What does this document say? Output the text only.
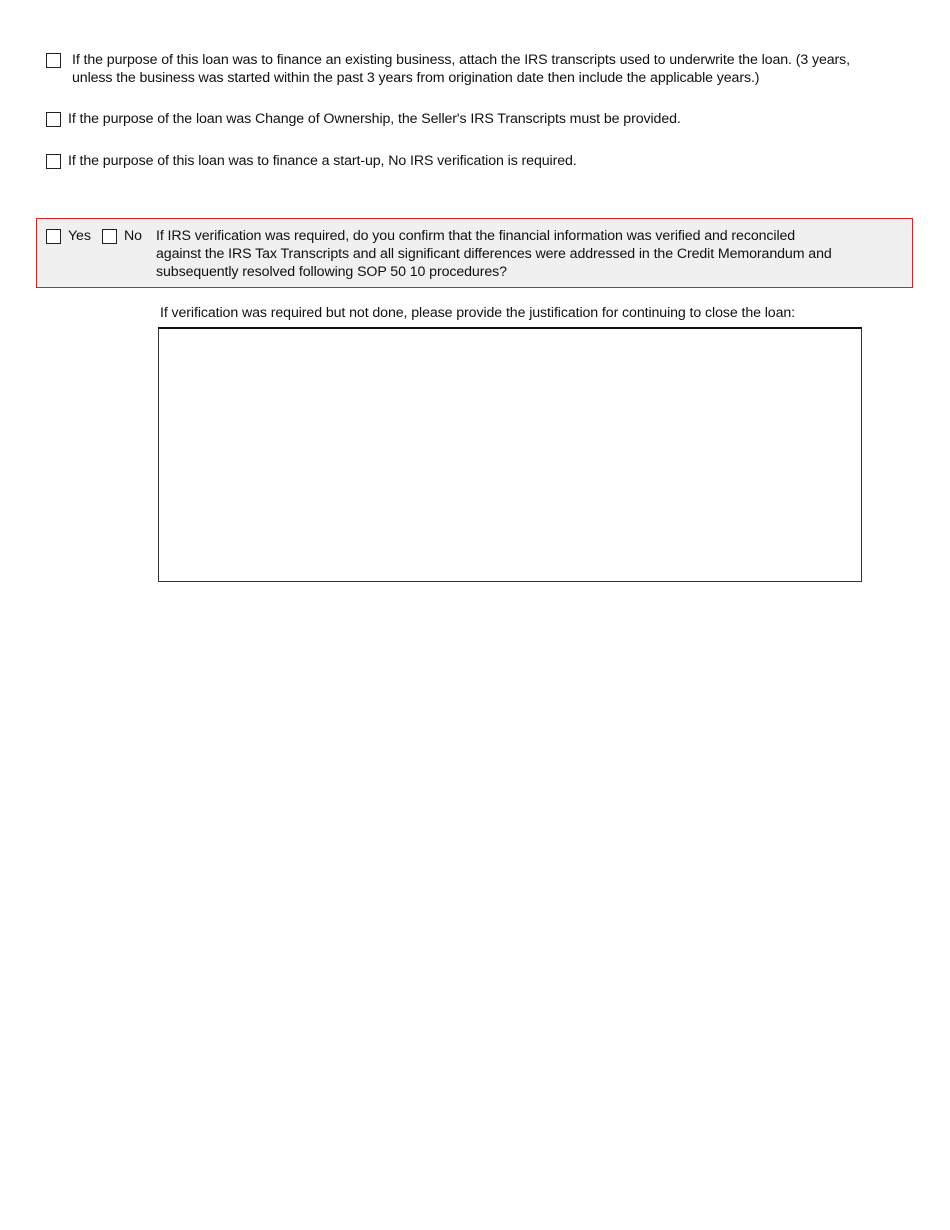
If the purpose of this loan was to finance an existing business, attach the IRS transcripts used to underwrite the loan. (3 years,
unless the business was started within the past 3 years from origination date then include the applicable years.)
If the purpose of the loan was Change of Ownership, the Seller's IRS Transcripts must be provided.
If the purpose of this loan was to finance a start-up, No IRS verification is required.
Yes No If IRS verification was required, do you confirm that the financial information was verified and reconciled
against the IRS Tax Transcripts and all significant differences were addressed in the Credit Memorandum and
subsequently resolved following SOP 50 10 procedures?
If verification was required but not done, please provide the justification for continuing to close the loan:
